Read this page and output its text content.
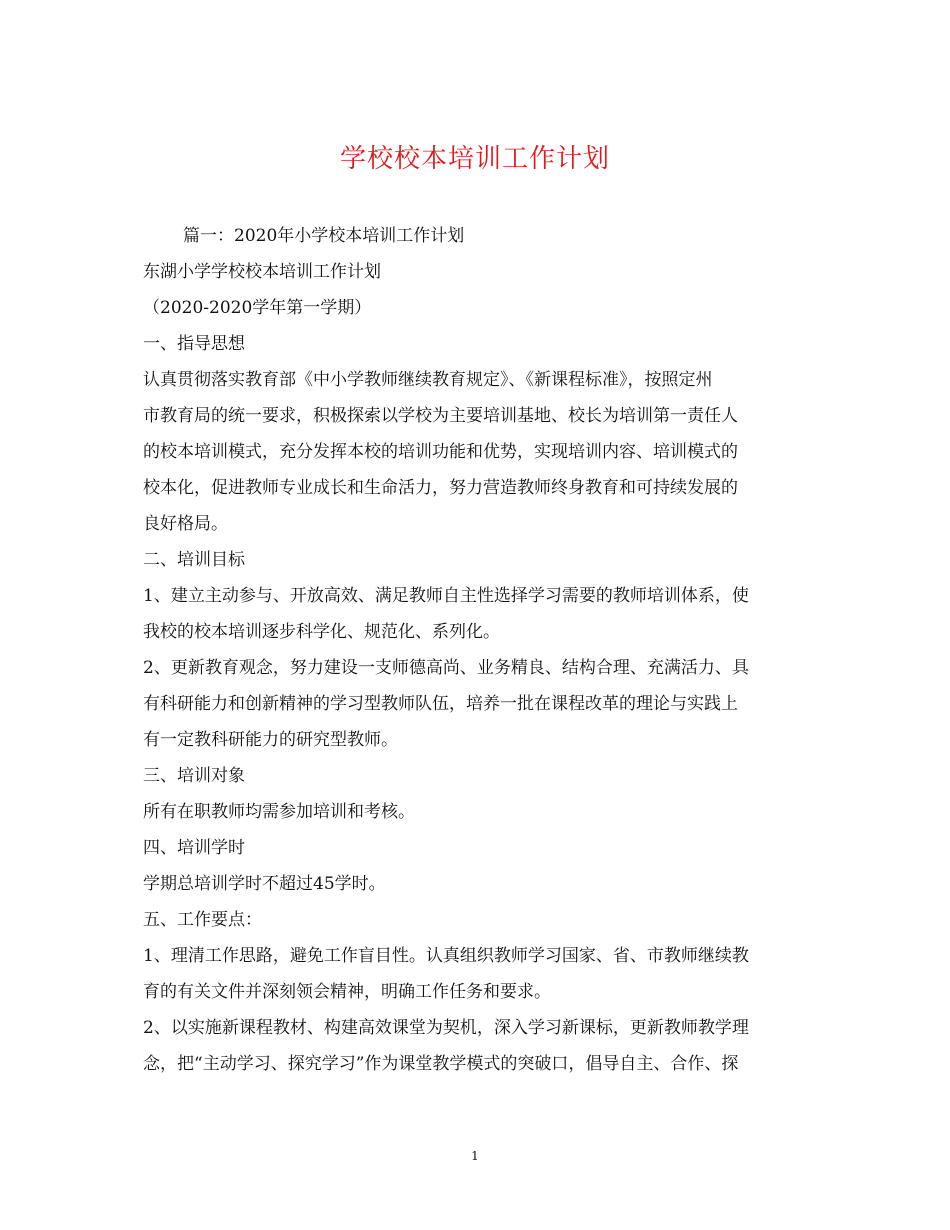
学校校本培训工作计划
篇一：2020年小学校本培训工作计划
东湖小学学校校本培训工作计划
（2020-2020学年第一学期）
一、指导思想
认真贯彻落实教育部《中小学教师继续教育规定》、《新课程标准》，按照定州
市教育局的统一要求，积极探索以学校为主要培训基地、校长为培训第一责任人
的校本培训模式，充分发挥本校的培训功能和优势，实现培训内容、培训模式的
校本化，促进教师专业成长和生命活力，努力营造教师终身教育和可持续发展的
良好格局。
二、培训目标
1、建立主动参与、开放高效、满足教师自主性选择学习需要的教师培训体系，使
我校的校本培训逐步科学化、规范化、系列化。
2、更新教育观念，努力建设一支师德高尚、业务精良、结构合理、充满活力、具
有科研能力和创新精神的学习型教师队伍，培养一批在课程改革的理论与实践上
有一定教科研能力的研究型教师。
三、培训对象
所有在职教师均需参加培训和考核。
四、培训学时
学期总培训学时不超过45学时。
五、工作要点：
1、理清工作思路，避免工作盲目性。认真组织教师学习国家、省、市教师继续教
育的有关文件并深刻领会精神，明确工作任务和要求。
2、以实施新课程教材、构建高效课堂为契机，深入学习新课标，更新教师教学理
念，把“主动学习、探究学习”作为课堂教学模式的突破口，倡导自主、合作、探
1
